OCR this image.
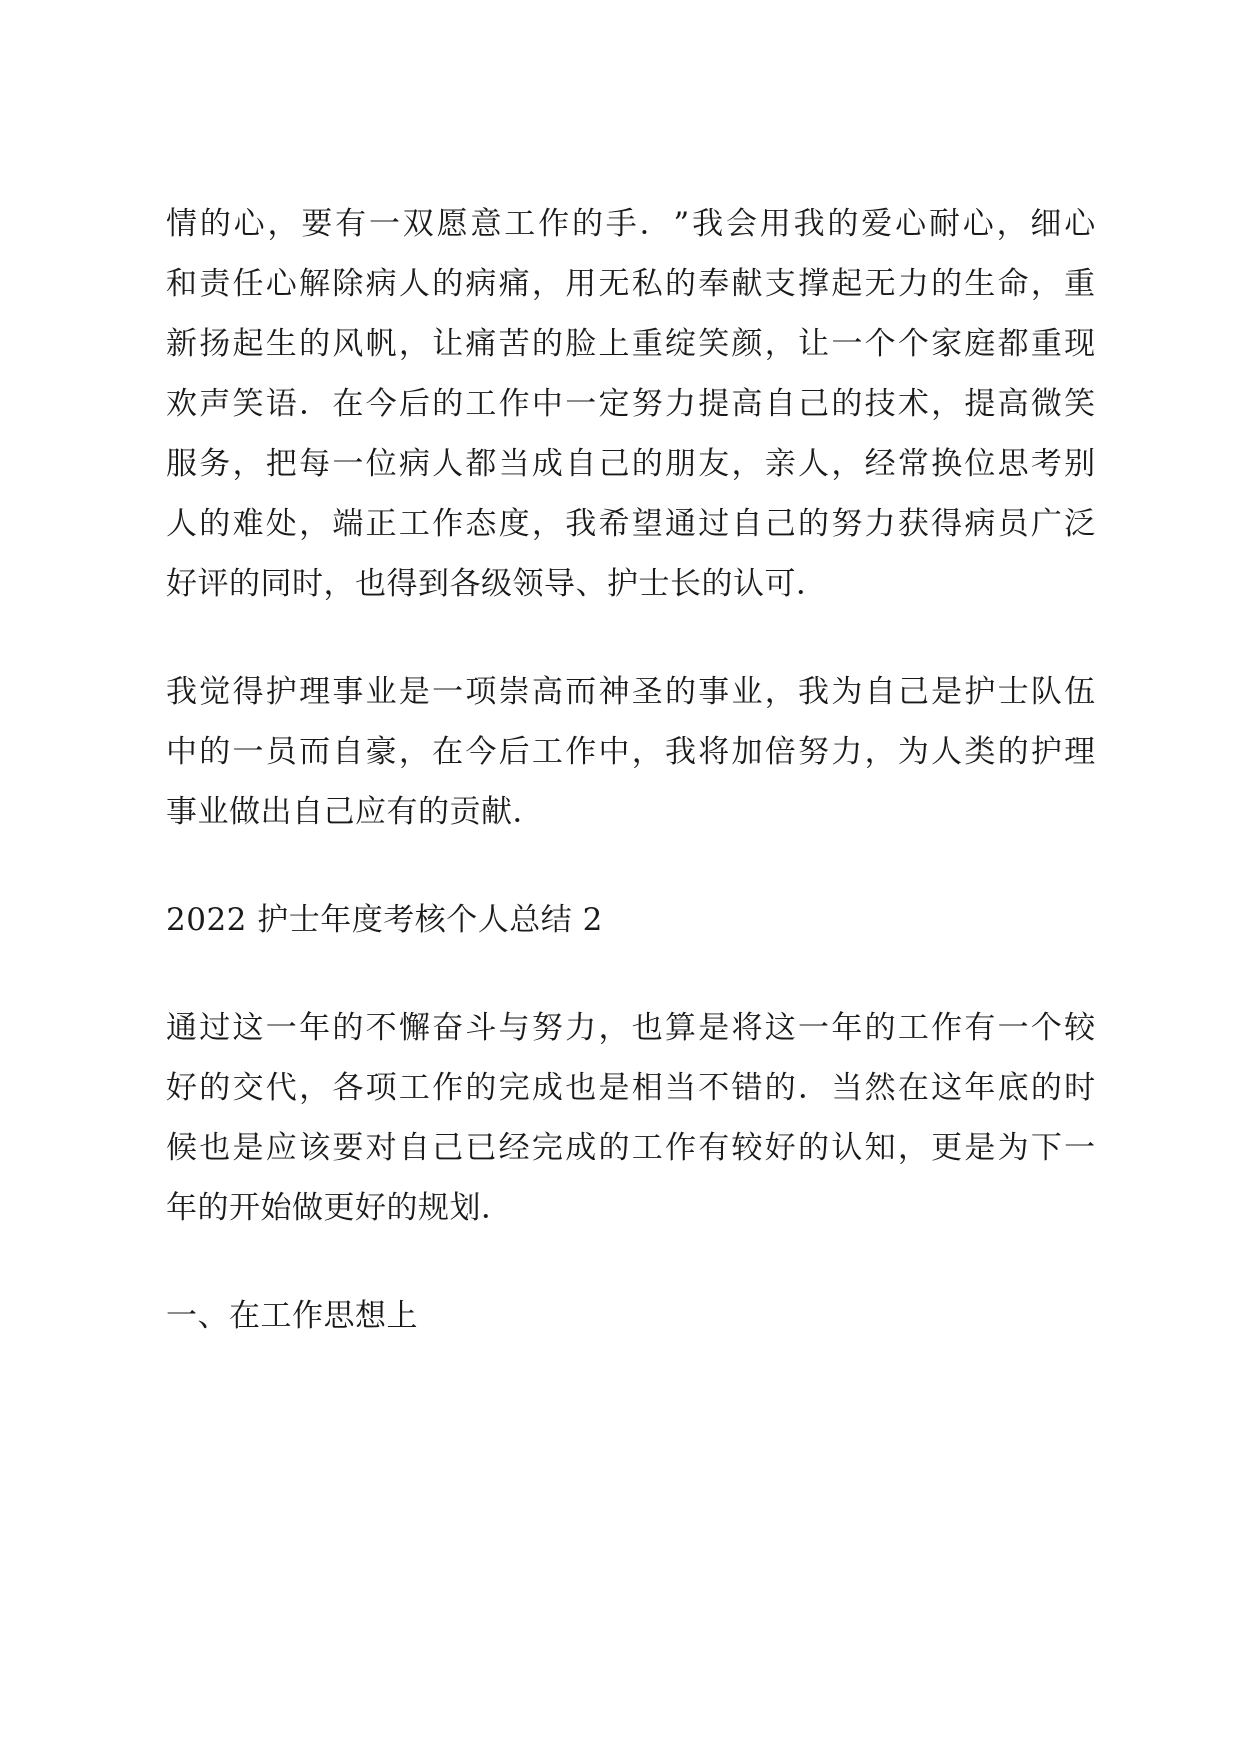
情 的 心 ， 要 有 一 双 愿 意 工 作 的 手 ． ” 我 会 用 我 的 爱 心 耐 心 ， 细 心
和 责 任 心 解 除 病 人 的 病 痛 ， 用 无 私 的 奉 献 支 撑 起 无 力 的 生 命 ， 重
新 扬 起 生 的 风 帆 ， 让 痛 苦 的 脸 上 重 绽 笑 颜 ， 让 一 个 个 家 庭 都 重 现
欢 声 笑 语 ． 在 今 后 的 工 作 中 一 定 努 力 提 高 自 己 的 技 术 ， 提 高 微 笑
服 务 ， 把 每 一 位 病 人 都 当 成 自 己 的 朋 友 ， 亲 人 ， 经 常 换 位 思 考 别
人 的 难 处 ， 端 正 工 作 态 度 ， 我 希 望 通 过 自 己 的 努 力 获 得 病 员 广 泛
好评的同时，也得到各级领导、护士长的认可．
我 觉 得 护 理 事 业 是 一 项 崇 高 而 神 圣 的 事 业 ， 我 为 自 己 是 护 士 队 伍
中 的 一 员 而 自 豪 ， 在 今 后 工 作 中 ， 我 将 加 倍 努 力 ， 为 人 类 的 护 理
事业做出自己应有的贡献．
2022 护士年度考核个人总结 2
通 过 这 一 年 的 不 懈 奋 斗 与 努 力 ， 也 算 是 将 这 一 年 的 工 作 有 一 个 较
好 的 交 代 ， 各 项 工 作 的 完 成 也 是 相 当 不 错 的 ． 当 然 在 这 年 底 的 时
候 也 是 应 该 要 对 自 己 已 经 完 成 的 工 作 有 较 好 的 认 知 ， 更 是 为 下 一
年的开始做更好的规划．
一、在工作思想上
